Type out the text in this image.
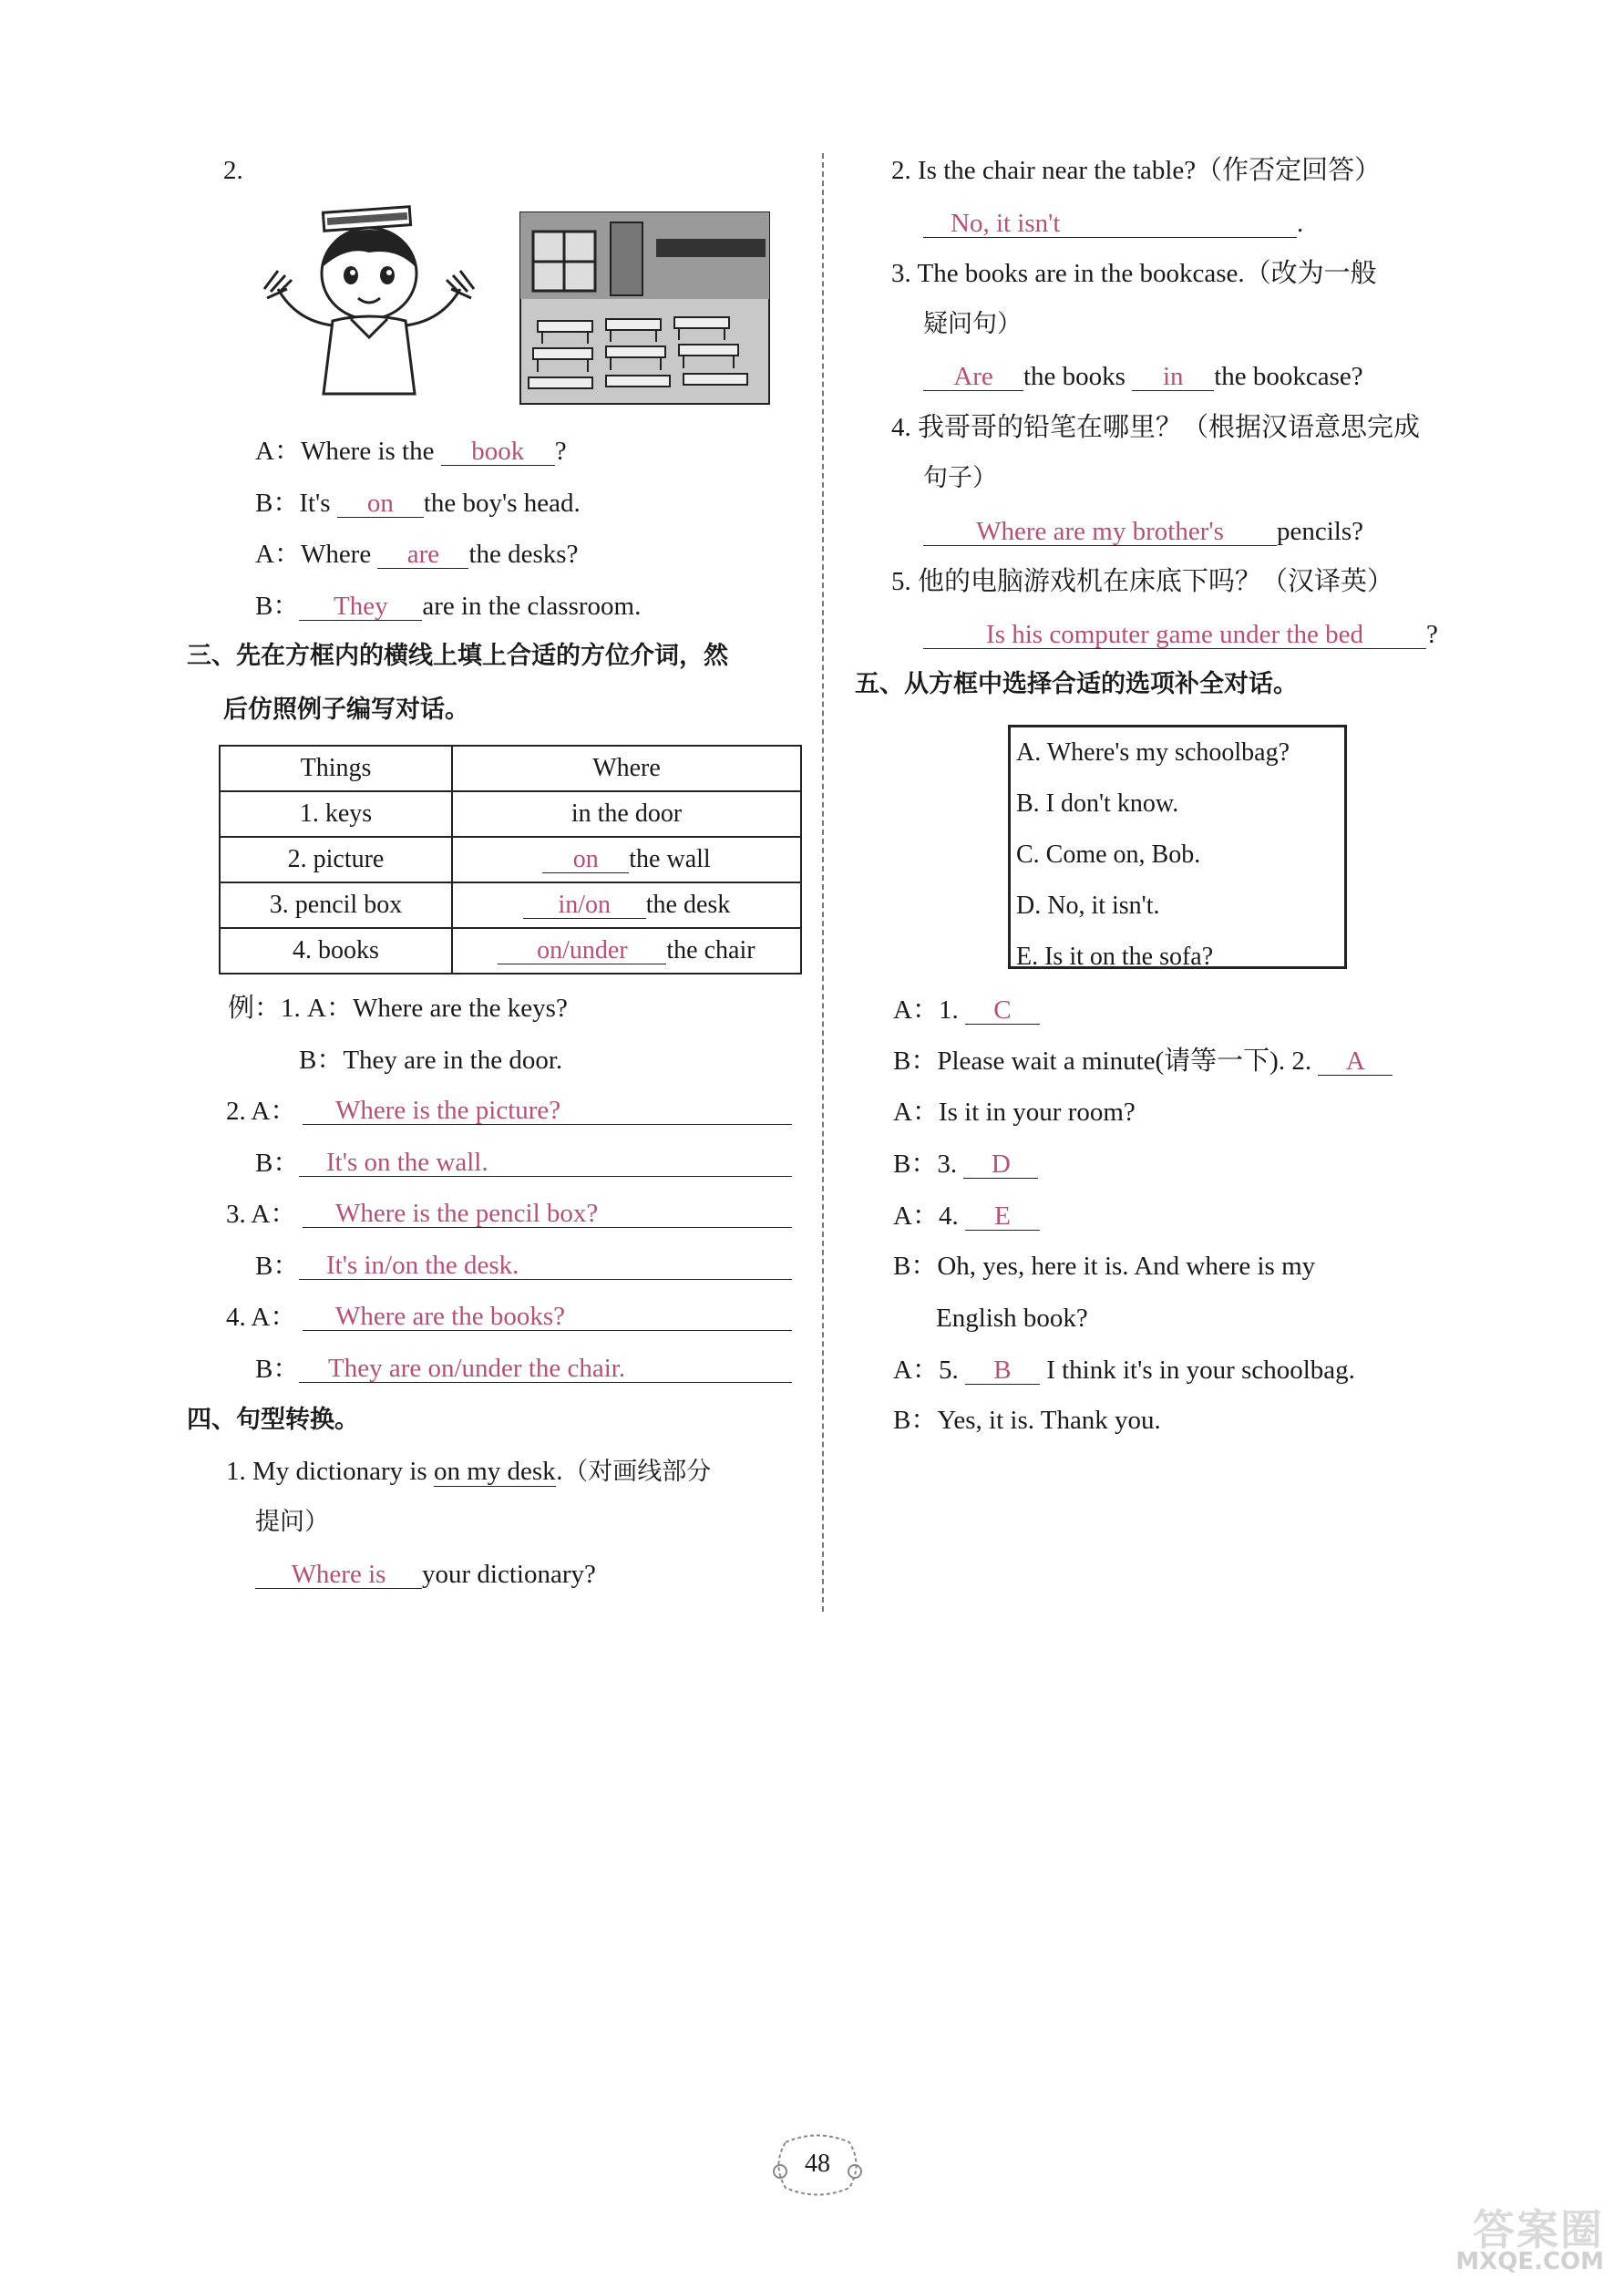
2.
A：Where is the book ?
B：It's on the boy's head.
A：Where are the desks?
B： They are in the classroom.
三、先在方框内的横线上填上合适的方位介词，然
后仿照例子编写对话。
Things	Where
1. keys	in the door
2. picture	on the wall
3. pencil box	in/on the desk
4. books	on/under the chair
例：1. A：Where are the keys?
B：They are in the door.
2. A：	Where is the picture?
B：	It's on the wall.
3. A：	Where is the pencil box?
B：	It's in/on the desk.
4. A：	Where are the books?
B：	They are on/under the chair.
四、句型转换。
1. My dictionary is on my desk.（对画线部分
提问）
Where is your dictionary?
2. Is the chair near the table?（作否定回答）
No, it isn't	.
3. The books are in the bookcase.（改为一般
疑问句）
Are the books in the bookcase?
4. 我哥哥的铅笔在哪里？（根据汉语意思完成
句子）
Where are my brother's pencils?
5. 他的电脑游戏机在床底下吗？（汉译英）
Is his computer game under the bed ?
五、从方框中选择合适的选项补全对话。
A. Where's my schoolbag?
B. I don't know.
C. Come on, Bob.
D. No, it isn't.
E. Is it on the sofa?
A：1. C
B：Please wait a minute(请等一下). 2. A
A：Is it in your room?
B：3. D
A：4. E
B：Oh, yes, here it is. And where is my
English book?
A：5. B I think it's in your schoolbag.
B：Yes, it is. Thank you.
48
答案圈
MXQE.COM
